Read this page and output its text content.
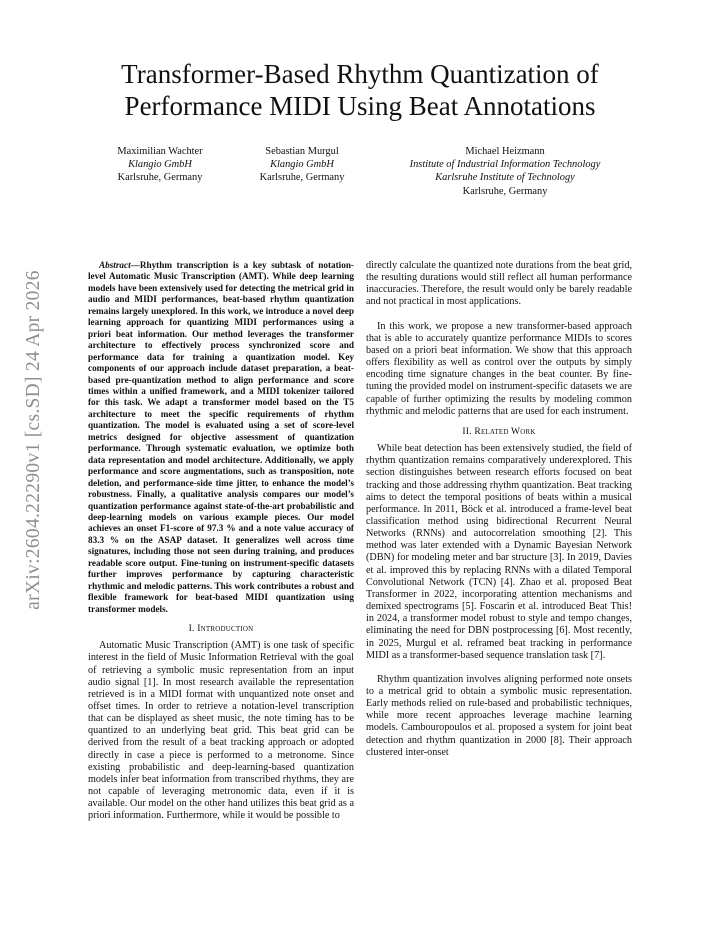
arXiv:2604.22290v1 [cs.SD] 24 Apr 2026
Transformer-Based Rhythm Quantization of
Performance MIDI Using Beat Annotations
Maximilian Wachter
Klangio GmbH
Karlsruhe, Germany
Sebastian Murgul
Klangio GmbH
Karlsruhe, Germany
Michael Heizmann
Institute of Industrial Information Technology
Karlsruhe Institute of Technology
Karlsruhe, Germany

Abstract—Rhythm transcription is a key subtask of notation-level Automatic Music Transcription (AMT). While deep learning models have been extensively used for detecting the metrical grid in audio and MIDI performances, beat-based rhythm quantization remains largely unexplored. In this work, we introduce a novel deep learning approach for quantizing MIDI performances using a priori beat information. Our method leverages the transformer architecture to effectively process synchronized score and performance data for training a quantization model. Key components of our approach include dataset preparation, a beat-based pre-quantization method to align performance and score times within a unified framework, and a MIDI tokenizer tailored for this task. We adapt a transformer model based on the T5 architecture to meet the specific requirements of rhythm quantization. The model is evaluated using a set of score-level metrics designed for objective assessment of quantization performance. Through systematic evaluation, we optimize both data representation and model architecture. Additionally, we apply performance and score augmentations, such as transposition, note deletion, and performance-side time jitter, to enhance the model’s robustness. Finally, a qualitative analysis compares our model’s quantization performance against state-of-the-art probabilistic and deep-learning models on various example pieces. Our model achieves an onset F1-score of 97.3 % and a note value accuracy of 83.3 % on the ASAP dataset. It generalizes well across time signatures, including those not seen during training, and produces readable score output. Fine-tuning on instrument-specific datasets further improves performance by capturing characteristic rhythmic and melodic patterns. This work contributes a robust and flexible framework for beat-based MIDI quantization using transformer models.

I. Introduction

Automatic Music Transcription (AMT) is one task of specific interest in the field of Music Information Retrieval with the goal of retrieving a symbolic music representation from an input audio signal [1]. In most research available the representation retrieved is in a MIDI format with unquantized note onset and offset times. In order to retrieve a notation-level transcription that can be displayed as sheet music, the note timing has to be quantized to an underlying beat grid. This beat grid can be derived from the result of a beat tracking approach or adopted directly in case a piece is performed to a metronome. Since existing probabilistic and deep-learning-based quantization models infer beat information from transcribed rhythms, they are not capable of leveraging metronomic data, even if it is available. Our model on the other hand utilizes this beat grid as a priori information. Furthermore, while it would be possible to

directly calculate the quantized note durations from the beat grid, the resulting durations would still reflect all human performance inaccuracies. Therefore, the result would only be barely readable and not practical in most applications.

In this work, we propose a new transformer-based approach that is able to accurately quantize performance MIDIs to scores based on a priori beat information. We show that this approach offers flexibility as well as control over the outputs by simply encoding time signature changes in the beat counter. By fine-tuning the provided model on instrument-specific datasets we are capable of further optimizing the results by modeling common rhythmic and melodic patterns that are used for each instrument.

II. Related Work

While beat detection has been extensively studied, the field of rhythm quantization remains comparatively underexplored. This section distinguishes between research efforts focused on beat tracking and those addressing rhythm quantization. Beat tracking aims to detect the temporal positions of beats within a musical performance. In 2011, Böck et al. introduced a frame-level beat classification method using bidirectional Recurrent Neural Networks (RNNs) and autocorrelation smoothing [2]. This method was later extended with a Dynamic Bayesian Network (DBN) for modeling meter and bar structure [3]. In 2019, Davies et al. improved this by replacing RNNs with a dilated Temporal Convolutional Network (TCN) [4]. Zhao et al. proposed Beat Transformer in 2022, incorporating attention mechanisms and demixed spectrograms [5]. Foscarin et al. introduced Beat This! in 2024, a transformer model robust to style and tempo changes, eliminating the need for DBN postprocessing [6]. Most recently, in 2025, Murgul et al. reframed beat tracking in performance MIDI as a transformer-based sequence translation task [7].

Rhythm quantization involves aligning performed note onsets to a metrical grid to obtain a symbolic music representation. Early methods relied on rule-based and probabilistic techniques, while more recent approaches leverage machine learning models. Cambouropoulos et al. proposed a system for joint beat detection and rhythm quantization in 2000 [8]. Their approach clustered inter-onset
